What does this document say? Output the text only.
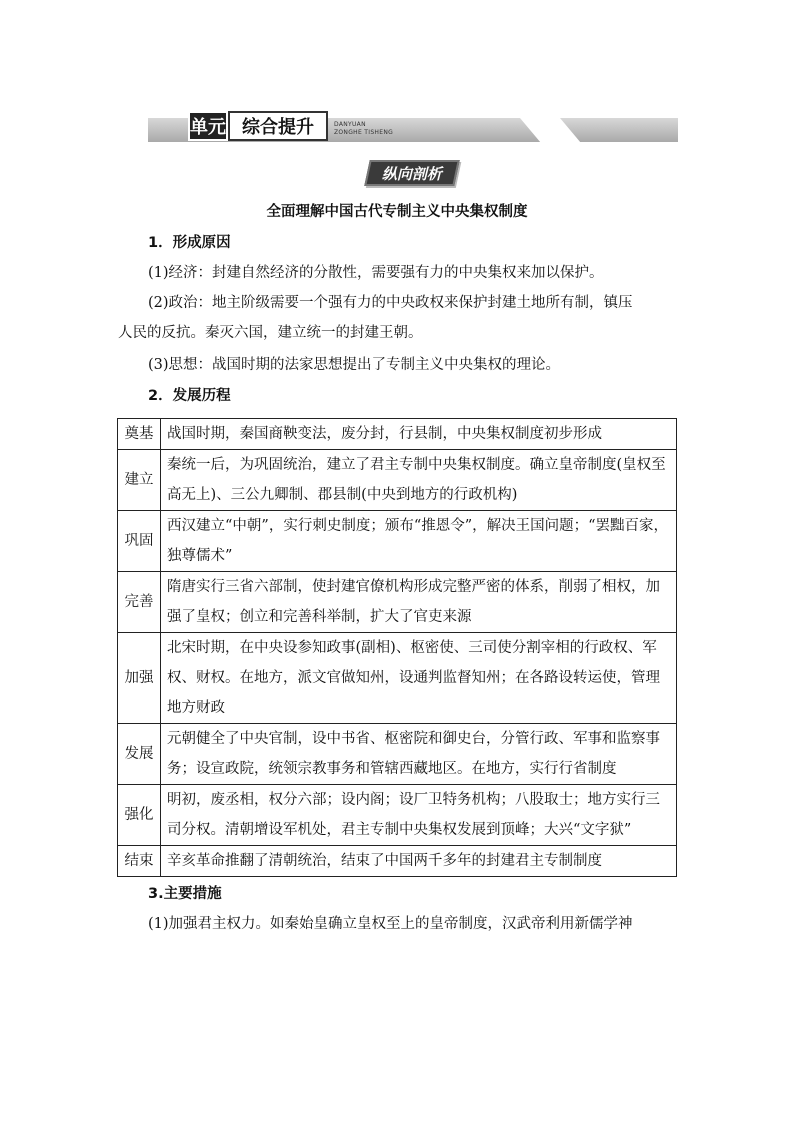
单元 综合提升	DANYUAN
ZONGHE TISHENG
纵向剖析
全面理解中国古代专制主义中央集权制度
1．形成原因
(1)经济：封建自然经济的分散性，需要强有力的中央集权来加以保护。
(2)政治：地主阶级需要一个强有力的中央政权来保护封建土地所有制，镇压
人民的反抗。秦灭六国，建立统一的封建王朝。
(3)思想：战国时期的法家思想提出了专制主义中央集权的理论。
2．发展历程
奠基	战国时期，秦国商鞅变法，废分封，行县制，中央集权制度初步形成
建立	秦统一后，为巩固统治，建立了君主专制中央集权制度。确立皇帝制度(皇权至高无上)、三公九卿制、郡县制(中央到地方的行政机构)
巩固	西汉建立“中朝”，实行刺史制度；颁布“推恩令”，解决王国问题；“罢黜百家，独尊儒术”
完善	隋唐实行三省六部制，使封建官僚机构形成完整严密的体系，削弱了相权，加强了皇权；创立和完善科举制，扩大了官吏来源
加强	北宋时期，在中央设参知政事(副相)、枢密使、三司使分割宰相的行政权、军权、财权。在地方，派文官做知州，设通判监督知州；在各路设转运使，管理地方财政
发展	元朝健全了中央官制，设中书省、枢密院和御史台，分管行政、军事和监察事务；设宣政院，统领宗教事务和管辖西藏地区。在地方，实行行省制度
强化	明初，废丞相，权分六部；设内阁；设厂卫特务机构；八股取士；地方实行三司分权。清朝增设军机处，君主专制中央集权发展到顶峰；大兴“文字狱”
结束	辛亥革命推翻了清朝统治，结束了中国两千多年的封建君主专制制度
3.主要措施
(1)加强君主权力。如秦始皇确立皇权至上的皇帝制度，汉武帝利用新儒学神
